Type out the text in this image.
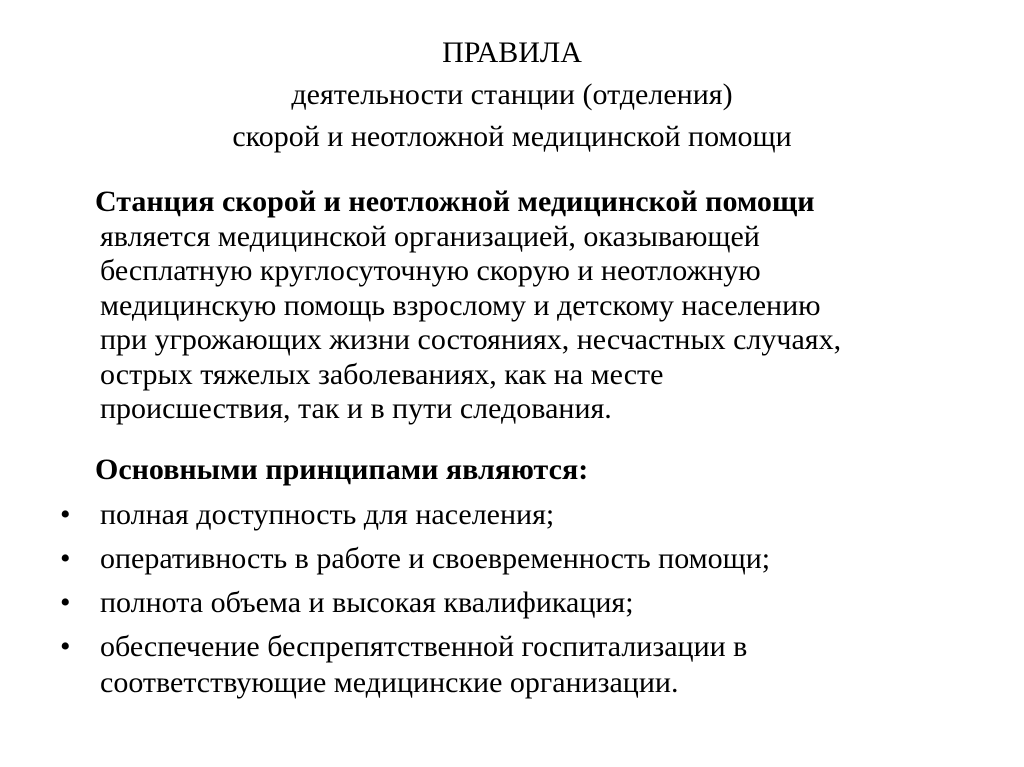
ПРАВИЛА
деятельности станции (отделения)
скорой и неотложной медицинской помощи
Станция скорой и неотложной медицинской помощи
является медицинской организацией, оказывающей
бесплатную круглосуточную скорую и неотложную
медицинскую помощь взрослому и детскому населению
при угрожающих жизни состояниях, несчастных случаях,
острых тяжелых заболеваниях, как на месте
происшествия, так и в пути следования.
Основными принципами являются:
• полная доступность для населения;
• оперативность в работе и своевременность помощи;
• полнота объема и высокая квалификация;
• обеспечение беспрепятственной госпитализации в
соответствующие медицинские организации.
